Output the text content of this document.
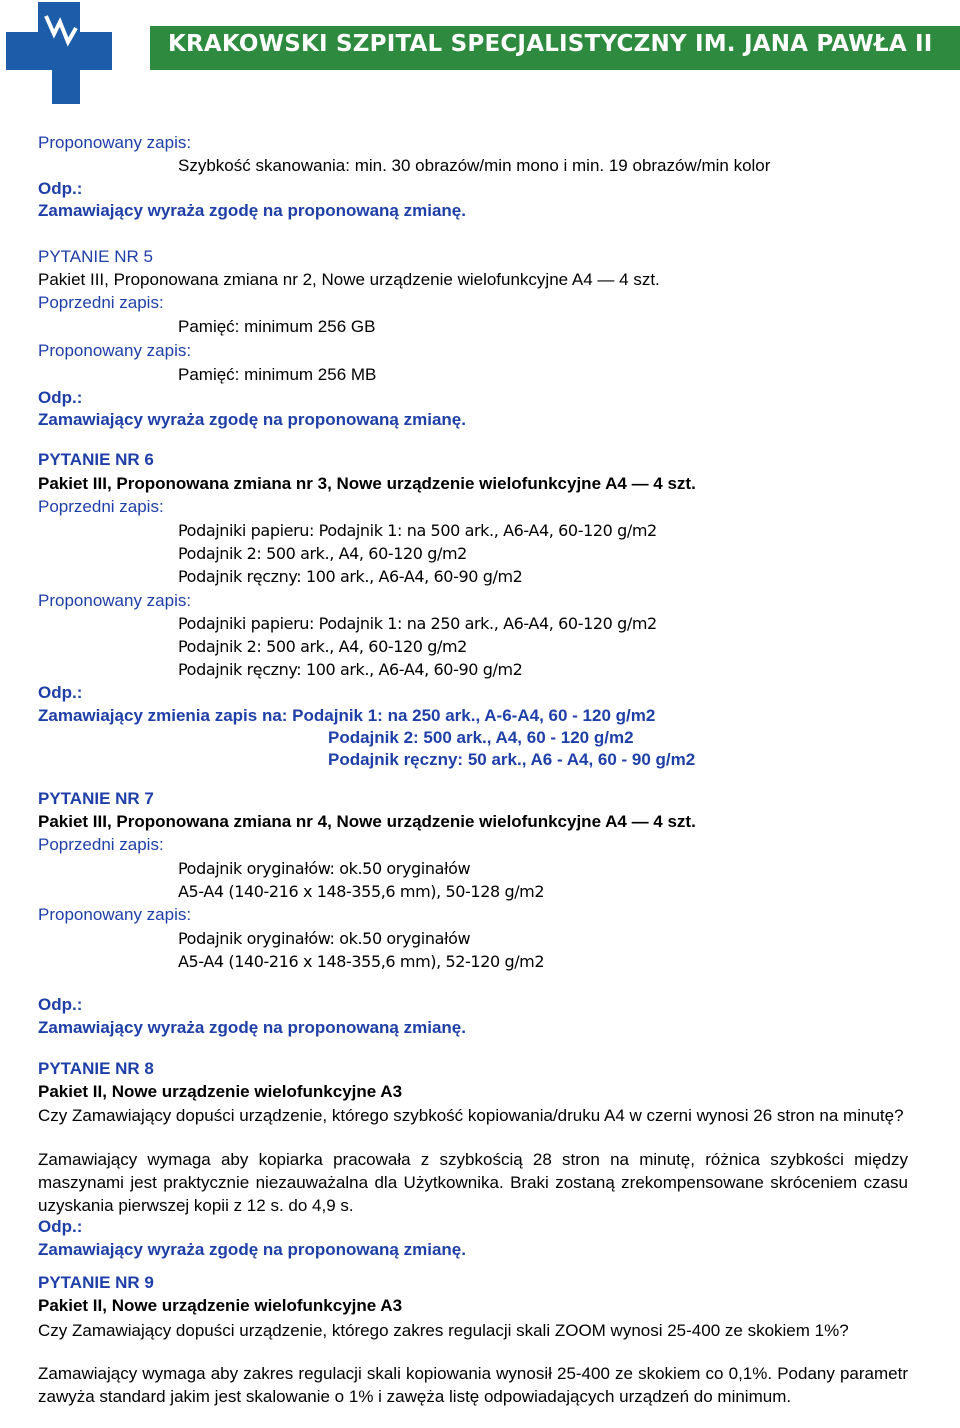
KRAKOWSKI SZPITAL SPECJALISTYCZNY IM. JANA PAWŁA II
Proponowany zapis:
Szybkość skanowania: min. 30 obrazów/min mono i min. 19 obrazów/min kolor
Odp.:
Zamawiający wyraża zgodę na proponowaną zmianę.
PYTANIE NR 5
Pakiet III, Proponowana zmiana nr 2, Nowe urządzenie wielofunkcyjne A4 — 4 szt.
Poprzedni zapis:
Pamięć: minimum 256 GB
Proponowany zapis:
Pamięć: minimum 256 MB
Odp.:
Zamawiający wyraża zgodę na proponowaną zmianę.
PYTANIE NR 6
Pakiet III, Proponowana zmiana nr 3, Nowe urządzenie wielofunkcyjne A4 — 4 szt.
Poprzedni zapis:
Podajniki papieru: Podajnik 1: na 500 ark., A6-A4, 60-120 g/m2
Podajnik 2: 500 ark., A4, 60-120 g/m2
Podajnik ręczny: 100 ark., A6-A4, 60-90 g/m2
Proponowany zapis:
Podajniki papieru: Podajnik 1: na 250 ark., A6-A4, 60-120 g/m2
Podajnik 2: 500 ark., A4, 60-120 g/m2
Podajnik ręczny: 100 ark., A6-A4, 60-90 g/m2
Odp.:
Zamawiający zmienia zapis na: Podajnik 1: na 250 ark., A-6-A4, 60 - 120 g/m2
Podajnik 2: 500 ark., A4, 60 - 120 g/m2
Podajnik ręczny: 50 ark., A6 - A4, 60 - 90 g/m2
PYTANIE NR 7
Pakiet III, Proponowana zmiana nr 4, Nowe urządzenie wielofunkcyjne A4 — 4 szt.
Poprzedni zapis:
Podajnik oryginałów: ok.50 oryginałów
A5-A4 (140-216 x 148-355,6 mm), 50-128 g/m2
Proponowany zapis:
Podajnik oryginałów: ok.50 oryginałów
A5-A4 (140-216 x 148-355,6 mm), 52-120 g/m2
Odp.:
Zamawiający wyraża zgodę na proponowaną zmianę.
PYTANIE NR 8
Pakiet II, Nowe urządzenie wielofunkcyjne A3
Czy Zamawiający dopuści urządzenie, którego szybkość kopiowania/druku A4 w czerni wynosi 26 stron na minutę?
Zamawiający wymaga aby kopiarka pracowała z szybkością 28 stron na minutę, różnica szybkości między maszynami jest praktycznie niezauważalna dla Użytkownika. Braki zostaną zrekompensowane skróceniem czasu uzyskania pierwszej kopii z 12 s. do 4,9 s.
Odp.:
Zamawiający wyraża zgodę na proponowaną zmianę.
PYTANIE NR 9
Pakiet II, Nowe urządzenie wielofunkcyjne A3
Czy Zamawiający dopuści urządzenie, którego zakres regulacji skali ZOOM wynosi 25-400 ze skokiem 1%?
Zamawiający wymaga aby zakres regulacji skali kopiowania wynosił 25-400 ze skokiem co 0,1%. Podany parametr zawyża standard jakim jest skalowanie o 1% i zawęża listę odpowiadających urządzeń do minimum.
